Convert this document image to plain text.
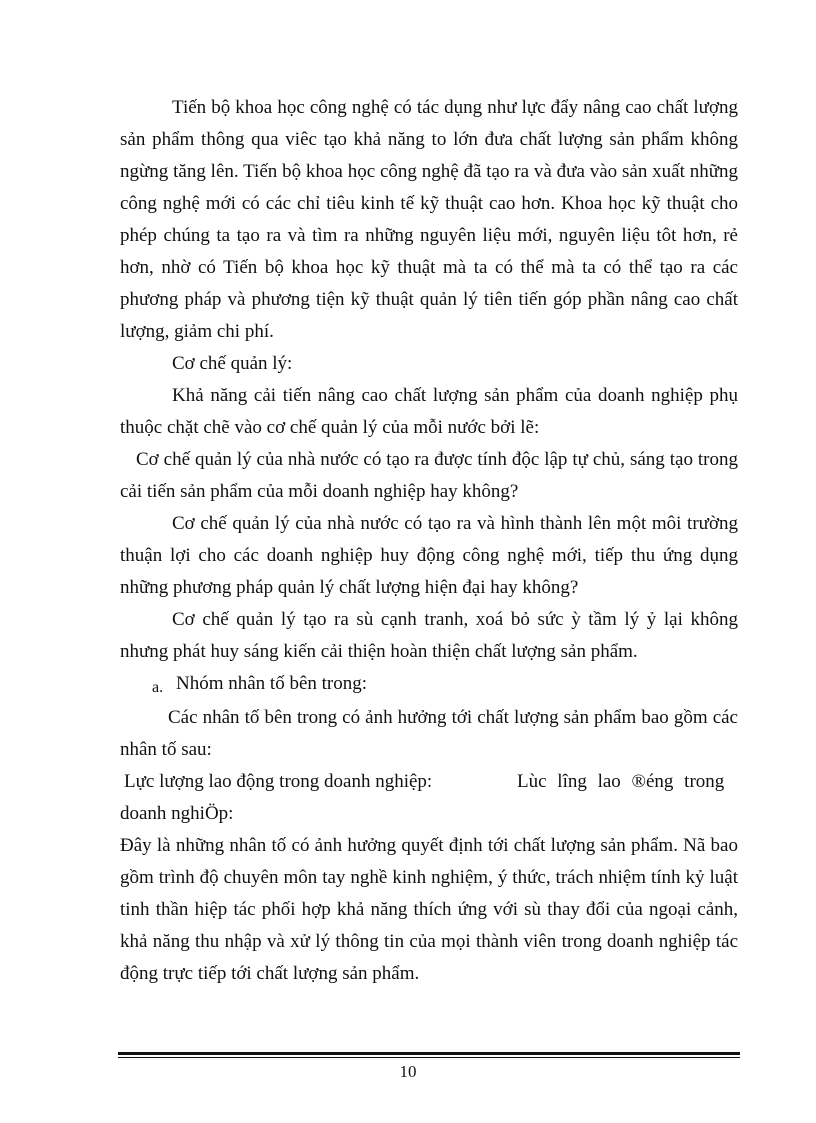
Tiến bộ khoa học công nghệ có tác dụng như lực đẩy nâng cao chất lượng sản phẩm thông qua viêc tạo khả năng to lớn đưa chất lượng sản phẩm không ngừng tăng lên. Tiến bộ khoa học công nghệ đã tạo ra và đưa vào sản xuất những công nghệ mới có các chỉ tiêu kinh tế kỹ thuật cao hơn. Khoa học kỹ thuật cho phép chúng ta tạo ra và tìm ra những nguyên liệu mới, nguyên liệu tôt hơn, rẻ hơn, nhờ có Tiến bộ khoa học kỹ thuật mà ta có thể mà ta có thể tạo ra các phương pháp và phương tiện kỹ thuật quản lý tiên tiến góp phần nâng cao chất lượng, giảm chi phí.

Cơ chế quản lý:

Khả năng cải tiến nâng cao chất lượng sản phẩm của doanh nghiệp phụ thuộc chặt chẽ vào cơ chế quản lý của mỗi nước bởi lẽ:

Cơ chế quản lý của nhà nước có tạo ra được tính độc lập tự chủ, sáng tạo trong cải tiến sản phẩm của mỗi doanh nghiệp hay không?

Cơ chế quản lý của nhà nước có tạo ra và hình thành lên một môi trường thuận lợi cho các doanh nghiệp huy động công nghệ mới, tiếp thu ứng dụng những phương pháp quản lý chất lượng hiện đại hay không?

Cơ chế quản lý tạo ra sù cạnh tranh, xoá bỏ sức ỳ tầm lý ỷ lại không nhưng phát huy sáng kiến cải thiện hoàn thiện chất lượng sản phẩm.

a. Nhóm nhân tố bên trong:

Các nhân tố bên trong có ảnh hưởng tới chất lượng sản phẩm bao gồm các nhân tố sau:

Lực lượng lao động trong doanh nghiệp:	Lùc lîng lao ®éng trong
doanh nghiÖp:

Đây là những nhân tố có ảnh hưởng quyết định tới chất lượng sản phẩm. Nã bao gồm trình độ chuyên môn tay nghề kinh nghiệm, ý thức, trách nhiệm tính kỷ luật tinh thần hiệp tác phối hợp khả năng thích ứng với sù thay đổi của ngoại cảnh, khả năng thu nhập và xử lý thông tin của mọi thành viên trong doanh nghiệp tác động trực tiếp tới chất lượng sản phẩm.

10
